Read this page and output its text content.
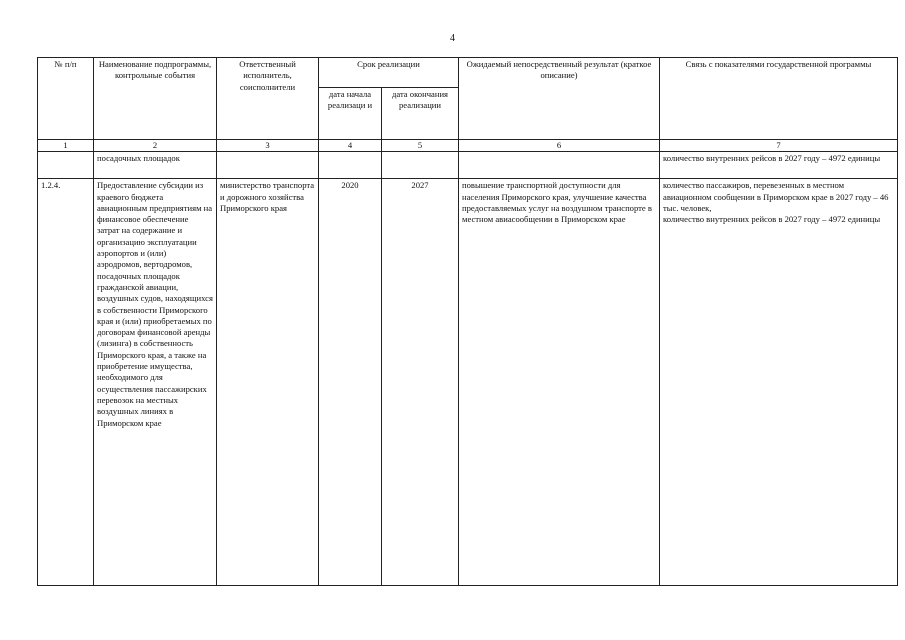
4
№ п/п	Наименование подпрограммы, контрольные события	Ответственный исполнитель, соисполнители	Срок реализации		Ожидаемый непосредственный результат (краткое описание)	Связь с показателями государственной программы
			дата начала реализаци и	дата окончания реализации		
1	2	3	4	5	6	7
	посадочных площадок					количество внутренних рейсов в 2027 году – 4972 единицы
1.2.4.	Предоставление субсидии из краевого бюджета авиационным предприятиям на финансовое обеспечение затрат на содержание и организацию эксплуатации аэропортов и (или) аэродромов, вертодромов, посадочных площадок гражданской авиации, воздушных судов, находящихся в собственности Приморского края и (или) приобретаемых по договорам финансовой аренды (лизинга) в собственность Приморского края, а также на приобретение имущества, необходимого для осуществления пассажирских перевозок на местных воздушных линиях в Приморском крае	министерство транспорта и дорожного хозяйства Приморского края	2020	2027	повышение транспортной доступности для населения Приморского края, улучшение качества предоставляемых услуг на воздушном транспорте в местном авиасообщении в Приморском крае	количество пассажиров, перевезенных в местном авиационном сообщении в Приморском крае в 2027 году – 46 тыс. человек,
количество внутренних рейсов в 2027 году – 4972 единицы
